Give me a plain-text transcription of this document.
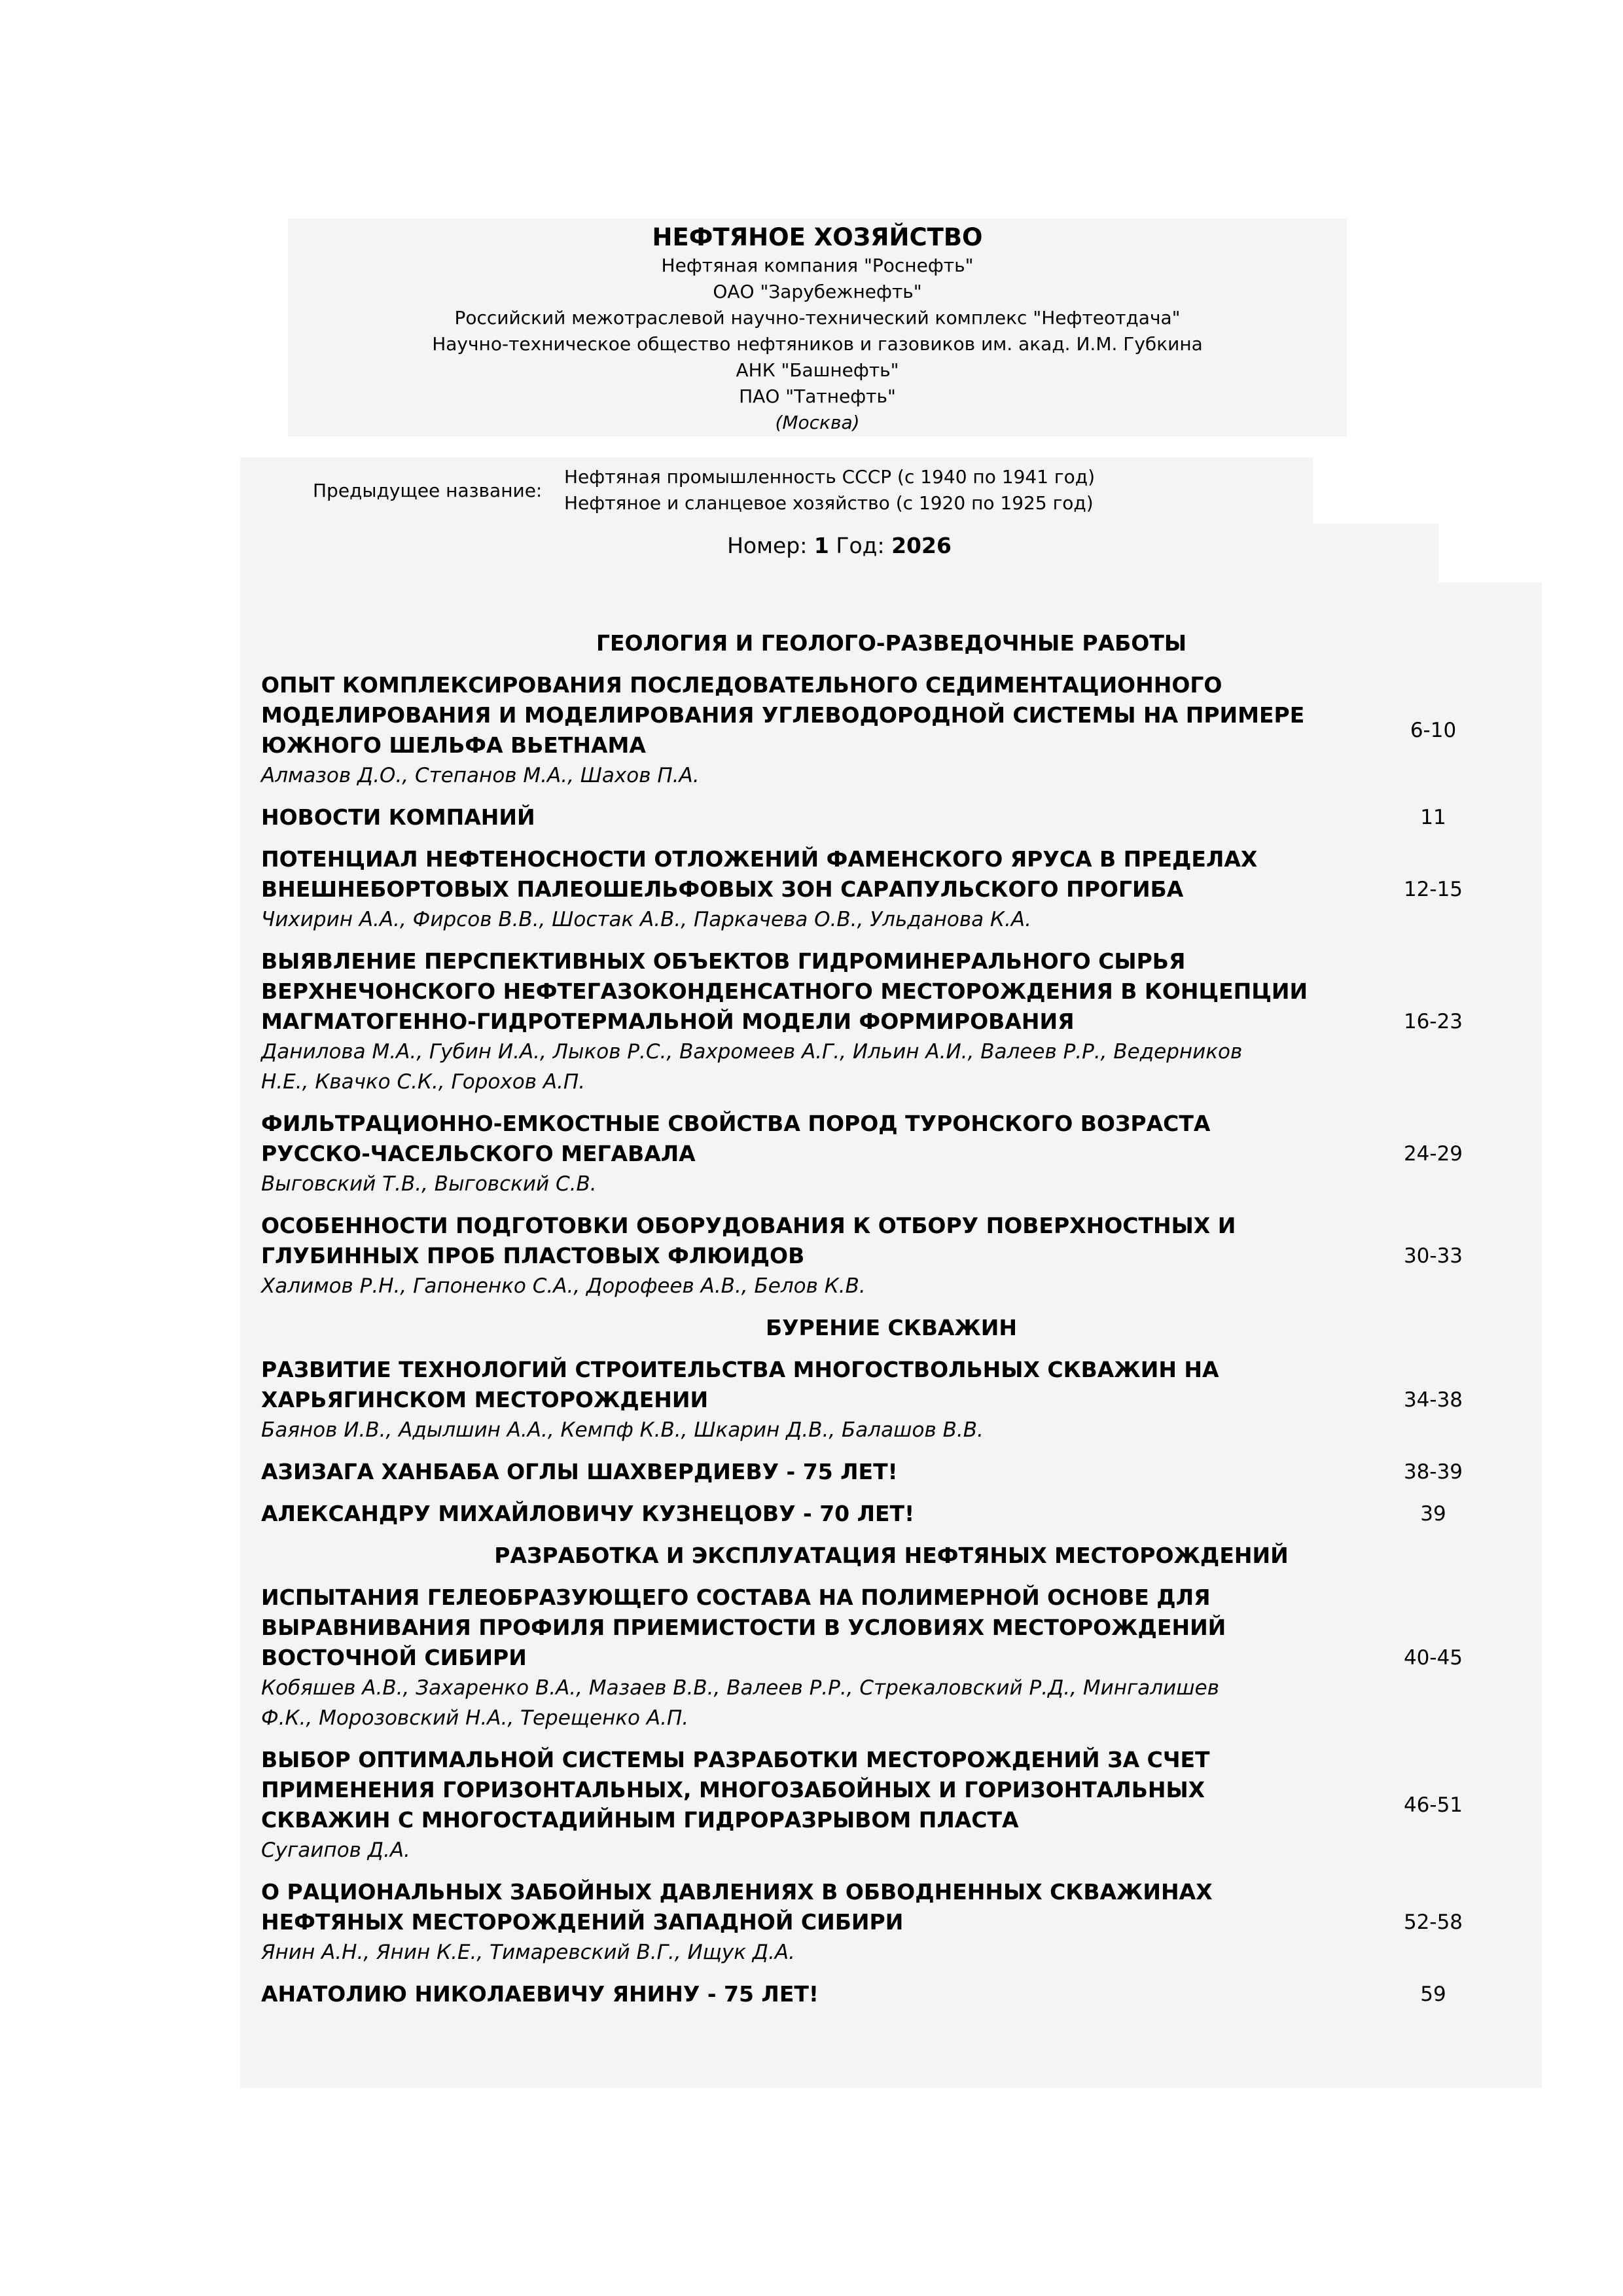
НЕФТЯНОЕ ХОЗЯЙСТВО
Нефтяная компания "Роснефть"
ОАО "Зарубежнефть"
Российский межотраслевой научно-технический комплекс "Нефтеотдача"
Научно-техническое общество нефтяников и газовиков им. акад. И.М. Губкина
АНК "Башнефть"
ПАО "Татнефть"
(Москва)
Предыдущее название:
Нефтяная промышленность СССР (с 1940 по 1941 год)
Нефтяное и сланцевое хозяйство (с 1920 по 1925 год)
Номер: 1 Год: 2026
ГЕОЛОГИЯ И ГЕОЛОГО-РАЗВЕДОЧНЫЕ РАБОТЫ
ОПЫТ КОМПЛЕКСИРОВАНИЯ ПОСЛЕДОВАТЕЛЬНОГО СЕДИМЕНТАЦИОННОГО
МОДЕЛИРОВАНИЯ И МОДЕЛИРОВАНИЯ УГЛЕВОДОРОДНОЙ СИСТЕМЫ НА ПРИМЕРЕ
ЮЖНОГО ШЕЛЬФА ВЬЕТНАМА
Алмазов Д.О., Степанов М.А., Шахов П.А.
6-10
НОВОСТИ КОМПАНИЙ	11
ПОТЕНЦИАЛ НЕФТЕНОСНОСТИ ОТЛОЖЕНИЙ ФАМЕНСКОГО ЯРУСА В ПРЕДЕЛАХ
ВНЕШНЕБОРТОВЫХ ПАЛЕОШЕЛЬФОВЫХ ЗОН САРАПУЛЬСКОГО ПРОГИБА
Чихирин А.А., Фирсов В.В., Шостак А.В., Паркачева О.В., Ульданова К.А.
12-15
ВЫЯВЛЕНИЕ ПЕРСПЕКТИВНЫХ ОБЪЕКТОВ ГИДРОМИНЕРАЛЬНОГО СЫРЬЯ
ВЕРХНЕЧОНСКОГО НЕФТЕГАЗОКОНДЕНСАТНОГО МЕСТОРОЖДЕНИЯ В КОНЦЕПЦИИ
МАГМАТОГЕННО-ГИДРОТЕРМАЛЬНОЙ МОДЕЛИ ФОРМИРОВАНИЯ
Данилова М.А., Губин И.А., Лыков Р.С., Вахромеев А.Г., Ильин А.И., Валеев Р.Р., Ведерников
Н.Е., Квачко С.К., Горохов А.П.
16-23
ФИЛЬТРАЦИОННО-ЕМКОСТНЫЕ СВОЙСТВА ПОРОД ТУРОНСКОГО ВОЗРАСТА
РУССКО-ЧАСЕЛЬСКОГО МЕГАВАЛА
Выговский Т.В., Выговский С.В.
24-29
ОСОБЕННОСТИ ПОДГОТОВКИ ОБОРУДОВАНИЯ К ОТБОРУ ПОВЕРХНОСТНЫХ И
ГЛУБИННЫХ ПРОБ ПЛАСТОВЫХ ФЛЮИДОВ
Халимов Р.Н., Гапоненко С.А., Дорофеев А.В., Белов К.В.
30-33
БУРЕНИЕ СКВАЖИН
РАЗВИТИЕ ТЕХНОЛОГИЙ СТРОИТЕЛЬСТВА МНОГОСТВОЛЬНЫХ СКВАЖИН НА
ХАРЬЯГИНСКОМ МЕСТОРОЖДЕНИИ
Баянов И.В., Адылшин А.А., Кемпф К.В., Шкарин Д.В., Балашов В.В.
34-38
АЗИЗАГА ХАНБАБА ОГЛЫ ШАХВЕРДИЕВУ - 75 ЛЕТ!	38-39
АЛЕКСАНДРУ МИХАЙЛОВИЧУ КУЗНЕЦОВУ - 70 ЛЕТ!	39
РАЗРАБОТКА И ЭКСПЛУАТАЦИЯ НЕФТЯНЫХ МЕСТОРОЖДЕНИЙ
ИСПЫТАНИЯ ГЕЛЕОБРАЗУЮЩЕГО СОСТАВА НА ПОЛИМЕРНОЙ ОСНОВЕ ДЛЯ
ВЫРАВНИВАНИЯ ПРОФИЛЯ ПРИЕМИСТОСТИ В УСЛОВИЯХ МЕСТОРОЖДЕНИЙ
ВОСТОЧНОЙ СИБИРИ
Кобяшев А.В., Захаренко В.А., Мазаев В.В., Валеев Р.Р., Стрекаловский Р.Д., Мингалишев
Ф.К., Морозовский Н.А., Терещенко А.П.
40-45
ВЫБОР ОПТИМАЛЬНОЙ СИСТЕМЫ РАЗРАБОТКИ МЕСТОРОЖДЕНИЙ ЗА СЧЕТ
ПРИМЕНЕНИЯ ГОРИЗОНТАЛЬНЫХ, МНОГОЗАБОЙНЫХ И ГОРИЗОНТАЛЬНЫХ
СКВАЖИН С МНОГОСТАДИЙНЫМ ГИДРОРАЗРЫВОМ ПЛАСТА
Сугаипов Д.А.
46-51
О РАЦИОНАЛЬНЫХ ЗАБОЙНЫХ ДАВЛЕНИЯХ В ОБВОДНЕННЫХ СКВАЖИНАХ
НЕФТЯНЫХ МЕСТОРОЖДЕНИЙ ЗАПАДНОЙ СИБИРИ
Янин А.Н., Янин К.Е., Тимаревский В.Г., Ищук Д.А.
52-58
АНАТОЛИЮ НИКОЛАЕВИЧУ ЯНИНУ - 75 ЛЕТ!	59
